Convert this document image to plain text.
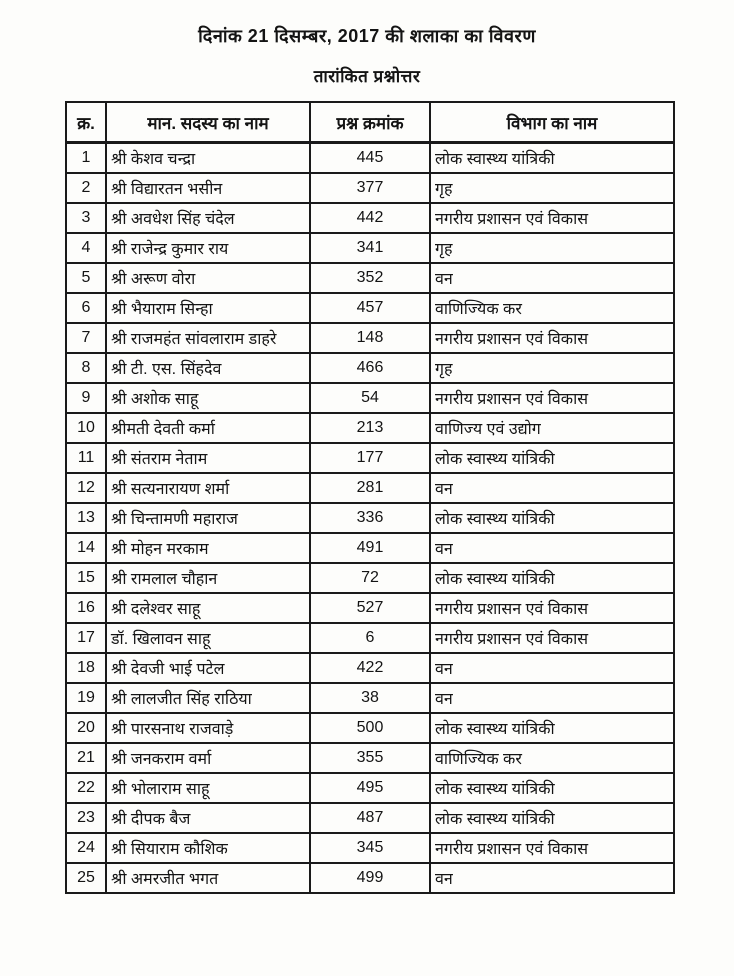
दिनांक 21 दिसम्बर, 2017 की शलाका का विवरण
तारांकित प्रश्नोत्तर
क्र.	मान. सदस्य का नाम	प्रश्न क्रमांक	विभाग का नाम
1	श्री केशव चन्द्रा	445	लोक स्वास्थ्य यांत्रिकी
2	श्री विद्यारतन भसीन	377	गृह
3	श्री अवधेश सिंह चंदेल	442	नगरीय प्रशासन एवं विकास
4	श्री राजेन्द्र कुमार राय	341	गृह
5	श्री अरूण वोरा	352	वन
6	श्री भैयाराम सिन्हा	457	वाणिज्यिक कर
7	श्री राजमहंत सांवलाराम डाहरे	148	नगरीय प्रशासन एवं विकास
8	श्री टी. एस. सिंहदेव	466	गृह
9	श्री अशोक साहू	54	नगरीय प्रशासन एवं विकास
10	श्रीमती देवती कर्मा	213	वाणिज्य एवं उद्योग
11	श्री संतराम नेताम	177	लोक स्वास्थ्य यांत्रिकी
12	श्री सत्यनारायण शर्मा	281	वन
13	श्री चिन्तामणी महाराज	336	लोक स्वास्थ्य यांत्रिकी
14	श्री मोहन मरकाम	491	वन
15	श्री रामलाल चौहान	72	लोक स्वास्थ्य यांत्रिकी
16	श्री दलेश्वर साहू	527	नगरीय प्रशासन एवं विकास
17	डॉ. खिलावन साहू	6	नगरीय प्रशासन एवं विकास
18	श्री देवजी भाई पटेल	422	वन
19	श्री लालजीत सिंह राठिया	38	वन
20	श्री पारसनाथ राजवाड़े	500	लोक स्वास्थ्य यांत्रिकी
21	श्री जनकराम वर्मा	355	वाणिज्यिक कर
22	श्री भोलाराम साहू	495	लोक स्वास्थ्य यांत्रिकी
23	श्री दीपक बैज	487	लोक स्वास्थ्य यांत्रिकी
24	श्री सियाराम कौशिक	345	नगरीय प्रशासन एवं विकास
25	श्री अमरजीत भगत	499	वन
